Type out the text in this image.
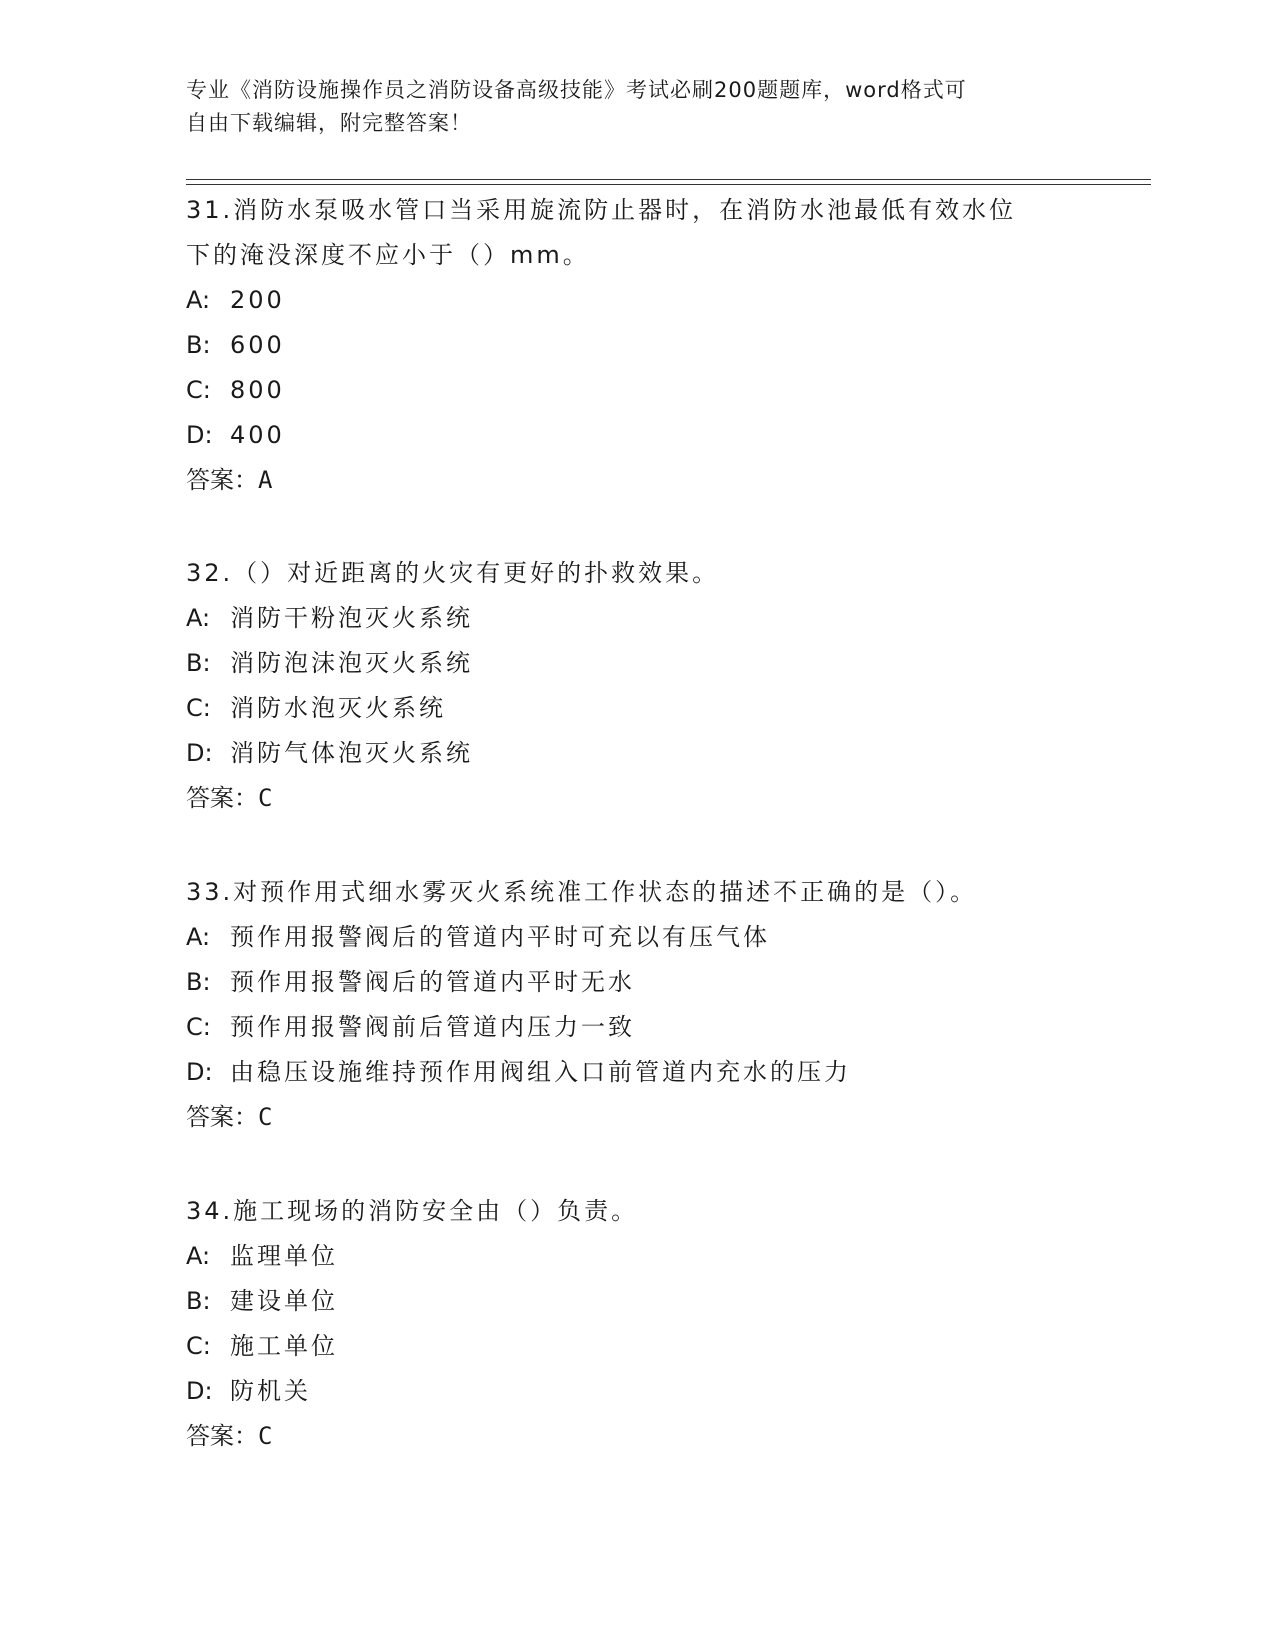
专业《消防设施操作员之消防设备高级技能》考试必刷200题题库，word格式可
自由下载编辑，附完整答案！

31.消防水泵吸水管口当采用旋流防止器时，在消防水池最低有效水位

下的淹没深度不应小于（）mm。

A: 200

B: 600

C: 800

D: 400

答案：A

32.（）对近距离的火灾有更好的扑救效果。

A: 消防干粉泡灭火系统

B: 消防泡沫泡灭火系统

C: 消防水泡灭火系统

D: 消防气体泡灭火系统

答案：C

33.对预作用式细水雾灭火系统准工作状态的描述不正确的是（）。

A: 预作用报警阀后的管道内平时可充以有压气体

B: 预作用报警阀后的管道内平时无水

C: 预作用报警阀前后管道内压力一致

D: 由稳压设施维持预作用阀组入口前管道内充水的压力

答案：C

34.施工现场的消防安全由（）负责。

A: 监理单位

B: 建设单位

C: 施工单位

D: 防机关

答案：C
